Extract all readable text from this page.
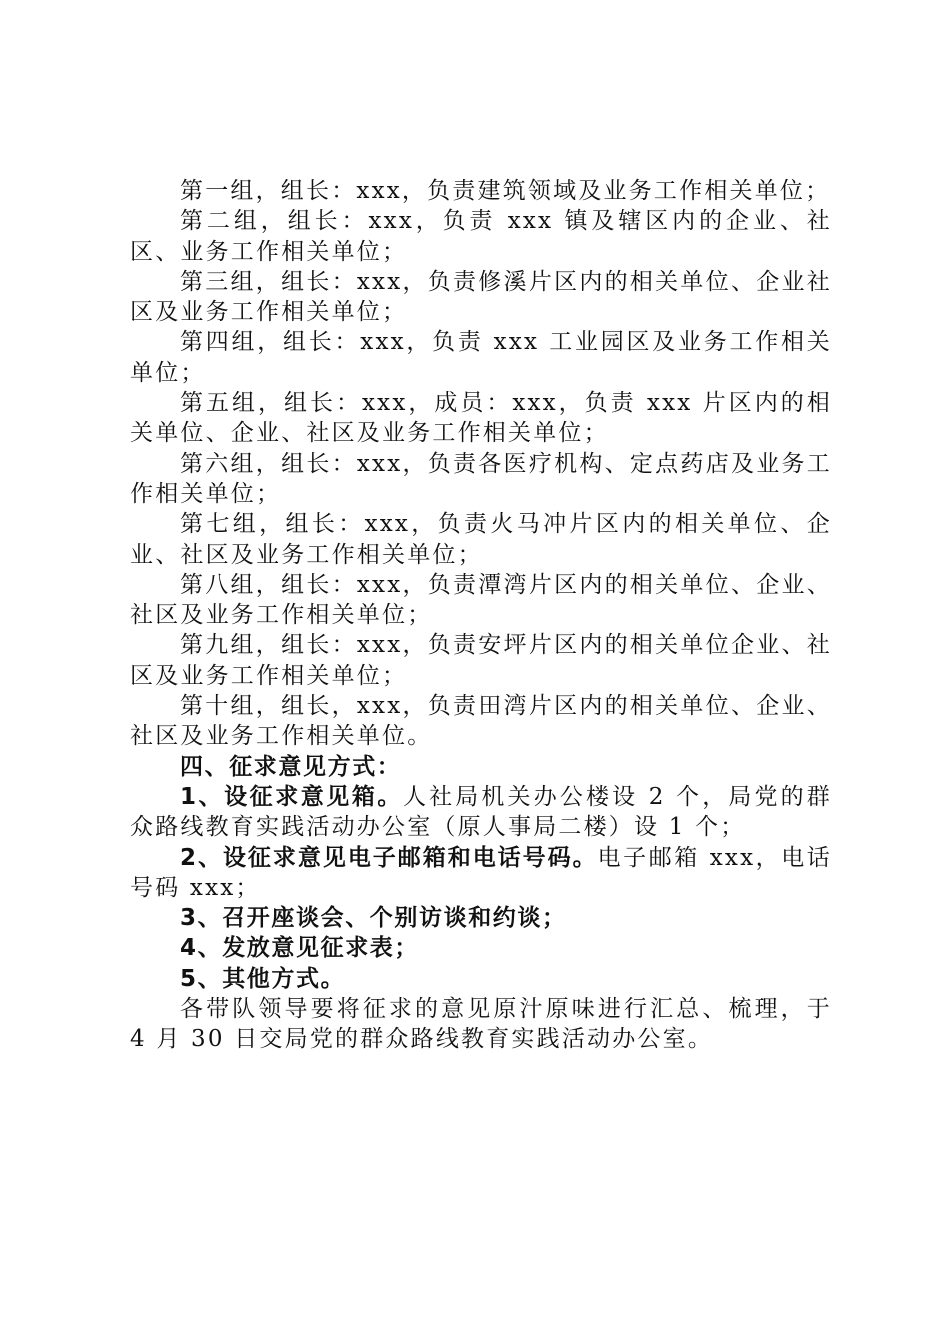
第一组，组长：xxx，负责建筑领域及业务工作相关单位；

第二组，组长：xxx，负责 xxx 镇及辖区内的企业、社区、业务工作相关单位；

第三组，组长：xxx，负责修溪片区内的相关单位、企业社区及业务工作相关单位；

第四组，组长：xxx，负责 xxx 工业园区及业务工作相关单位；

第五组，组长：xxx，成员：xxx，负责 xxx 片区内的相关单位、企业、社区及业务工作相关单位；

第六组，组长：xxx，负责各医疗机构、定点药店及业务工作相关单位；

第七组，组长：xxx，负责火马冲片区内的相关单位、企业、社区及业务工作相关单位；

第八组，组长：xxx，负责潭湾片区内的相关单位、企业、社区及业务工作相关单位；

第九组，组长：xxx，负责安坪片区内的相关单位企业、社区及业务工作相关单位；

第十组，组长，xxx，负责田湾片区内的相关单位、企业、社区及业务工作相关单位。

四、征求意见方式：

1、设征求意见箱。人社局机关办公楼设 2 个，局党的群众路线教育实践活动办公室（原人事局二楼）设 1 个；

2、设征求意见电子邮箱和电话号码。电子邮箱 xxx，电话号码 xxx；

3、召开座谈会、个别访谈和约谈；

4、发放意见征求表；

5、其他方式。

各带队领导要将征求的意见原汁原味进行汇总、梳理，于 4 月 30 日交局党的群众路线教育实践活动办公室。
